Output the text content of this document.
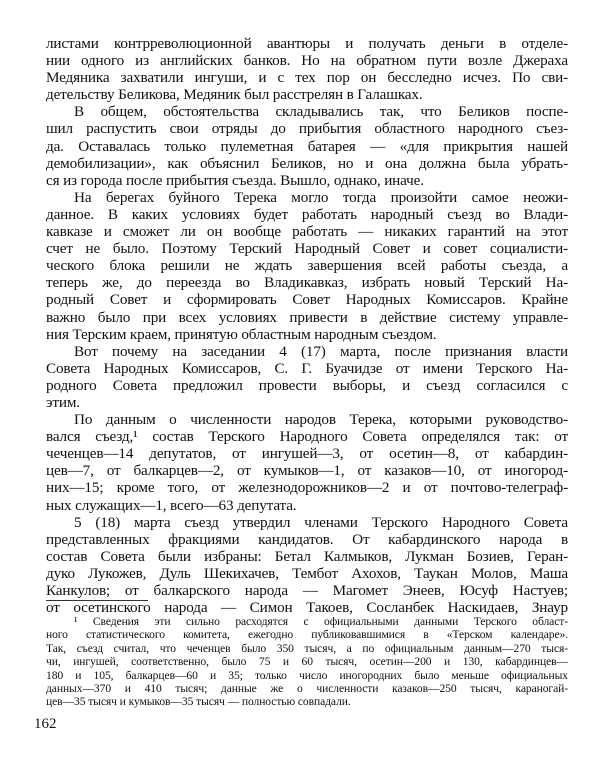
листами контрреволюционной авантюры и получать деньги в отделе-

нии одного из английских банков. Но на обратном пути возле Джераха

Медяника захватили ингуши, и с тех пор он бесследно исчез. По сви-

детельству Беликова, Медяник был расстрелян в Галашках.

В общем, обстоятельства складывались так, что Беликов поспе-

шил распустить свои отряды до прибытия областного народного съез-

да. Оставалась только пулеметная батарея — «для прикрытия нашей

демобилизации», как объяснил Беликов, но и она должна была убрать-

ся из города после прибытия съезда. Вышло, однако, иначе.

На берегах буйного Терека могло тогда произойти самое неожи-

данное. В каких условиях будет работать народный съезд во Влади-

кавказе и сможет ли он вообще работать — никаких гарантий на этот

счет не было. Поэтому Терский Народный Совет и совет социалисти-

ческого блока решили не ждать завершения всей работы съезда, а

теперь же, до переезда во Владикавказ, избрать новый Терский На-

родный Совет и сформировать Совет Народных Комиссаров. Крайне

важно было при всех условиях привести в действие систему управле-

ния Терским краем, принятую областным народным съездом.

Вот почему на заседании 4 (17) марта, после признания власти

Совета Народных Комиссаров, С. Г. Буачидзе от имени Терского На-

родного Совета предложил провести выборы, и съезд согласился с

этим.

По данным о численности народов Терека, которыми руководство-

вался съезд,¹ состав Терского Народного Совета определялся так: от

чеченцев—14 депутатов, от ингушей—3, от осетин—8, от кабардин-

цев—7, от балкарцев—2, от кумыков—1, от казаков—10, от иногород-

них—15; кроме того, от железнодорожников—2 и от почтово-телеграф-

ных служащих—1, всего—63 депутата.

5 (18) марта съезд утвердил членами Терского Народного Совета

представленных фракциями кандидатов. От кабардинского народа в

состав Совета были избраны: Бетал Калмыков, Лукман Бозиев, Геран-

дуко Лукожев, Дуль Шекихачев, Тембот Ахохов, Таукан Молов, Маша

Канкулов; от балкарского народа — Магомет Энеев, Юсуф Настуев;

от осетинского народа — Симон Такоев, Сосланбек Наскидаев, Знаур

¹ Сведения эти сильно расходятся с официальными данными Терского област-

ного статистического комитета, ежегодно публиковавшимися в «Терском календаре».

Так, съезд считал, что чеченцев было 350 тысяч, а по официальным данным—270 тыся-

чи, ингушей, соответственно, было 75 и 60 тысяч, осетин—200 и 130, кабардинцев—

180 и 105, балкарцев—60 и 35; только число иногородних было меньше официальных

данных—370 и 410 тысяч; данные же о численности казаков—250 тысяч, караногай-

цев—35 тысяч и кумыков—35 тысяч — полностью совпадали.

162
